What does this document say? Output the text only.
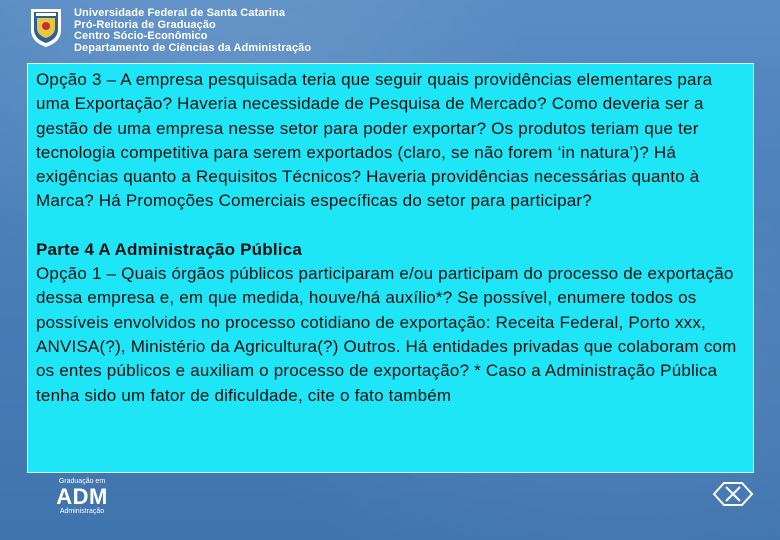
Universidade Federal de Santa Catarina
Pró-Reitoria de Graduação
Centro Sócio-Econômico
Departamento de Ciências da Administração

Opção 3 – A empresa pesquisada teria que seguir quais providências elementares para uma Exportação? Haveria necessidade de Pesquisa de Mercado? Como deveria ser a gestão de uma empresa nesse setor para poder exportar? Os produtos teriam que ter tecnologia competitiva para serem exportados (claro, se não forem ‘in natura’)? Há exigências quanto a Requisitos Técnicos? Haveria providências necessárias quanto à Marca? Há Promoções Comerciais específicas do setor para participar?

Parte 4 A Administração Pública

Opção 1 – Quais órgãos públicos participaram e/ou participam do processo de exportação dessa empresa e, em que medida, houve/há auxílio*? Se possível, enumere todos os possíveis envolvidos no processo cotidiano de exportação: Receita Federal, Porto xxx, ANVISA(?), Ministério da Agricultura(?) Outros. Há entidades privadas que colaboram com os entes públicos e auxiliam o processo de exportação? * Caso a Administração Pública tenha sido um fator de dificuldade, cite o fato também

Graduação em
ADM
Administração
